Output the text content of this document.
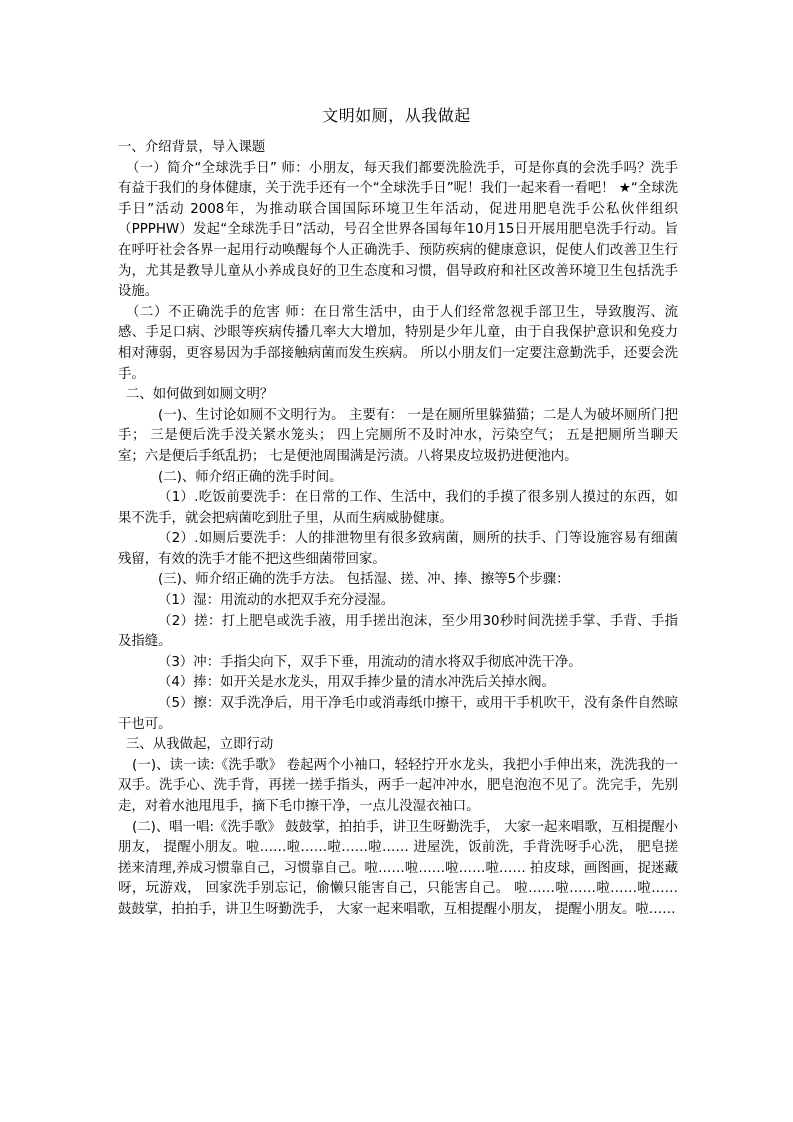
文明如厕，从我做起

一、介绍背景，导入课题

（一）简介“全球洗手日” 师：小朋友，每天我们都要洗脸洗手，可是你真的会洗手吗？洗手有益于我们的身体健康，关于洗手还有一个“全球洗手日”呢！我们一起来看一看吧！ ★“全球洗手日”活动 2008年，为推动联合国国际环境卫生年活动，促进用肥皂洗手公私伙伴组织（PPPHW）发起“全球洗手日”活动，号召全世界各国每年10月15日开展用肥皂洗手行动。旨在呼吁社会各界一起用行动唤醒每个人正确洗手、预防疾病的健康意识，促使人们改善卫生行为，尤其是教导儿童从小养成良好的卫生态度和习惯，倡导政府和社区改善环境卫生包括洗手设施。

（二）不正确洗手的危害 师：在日常生活中，由于人们经常忽视手部卫生，导致腹泻、流感、手足口病、沙眼等疾病传播几率大大增加，特别是少年儿童，由于自我保护意识和免疫力相对薄弱，更容易因为手部接触病菌而发生疾病。 所以小朋友们一定要注意勤洗手，还要会洗手。

二、如何做到如厕文明？

(一)、生讨论如厕不文明行为。 主要有： 一是在厕所里躲猫猫；二是人为破坏厕所门把手； 三是便后洗手没关紧水笼头； 四上完厕所不及时冲水，污染空气； 五是把厕所当聊天室；六是便后手纸乱扔； 七是便池周围满是污渍。八将果皮垃圾扔进便池内。

(二)、师介绍正确的洗手时间。

（1）.吃饭前要洗手：在日常的工作、生活中，我们的手摸了很多别人摸过的东西，如果不洗手，就会把病菌吃到肚子里，从而生病威胁健康。

（2）.如厕后要洗手：人的排泄物里有很多致病菌，厕所的扶手、门等设施容易有细菌残留，有效的洗手才能不把这些细菌带回家。

(三)、师介绍正确的洗手方法。 包括湿、搓、冲、捧、擦等5个步骤：

（1）湿：用流动的水把双手充分浸湿。

（2）搓：打上肥皂或洗手液，用手搓出泡沫，至少用30秒时间洗搓手掌、手背、手指及指缝。

（3）冲：手指尖向下，双手下垂，用流动的清水将双手彻底冲洗干净。

（4）捧：如开关是水龙头，用双手捧少量的清水冲洗后关掉水阀。

（5）擦：双手洗净后，用干净毛巾或消毒纸巾擦干，或用干手机吹干，没有条件自然晾干也可。

三、从我做起，立即行动

(一)、读一读:《洗手歌》 卷起两个小袖口，轻轻拧开水龙头，我把小手伸出来，洗洗我的一双手。洗手心、洗手背，再搓一搓手指头，两手一起冲冲水，肥皂泡泡不见了。洗完手，先别走，对着水池甩甩手，摘下毛巾擦干净，一点儿没湿衣袖口。

(二)、唱一唱:《洗手歌》 鼓鼓掌，拍拍手，讲卫生呀勤洗手， 大家一起来唱歌，互相提醒小朋友， 提醒小朋友。啦……啦……啦……啦…… 进屋洗，饭前洗，手背洗呀手心洗， 肥皂搓搓来清理,养成习惯靠自己，习惯靠自己。啦……啦……啦……啦…… 拍皮球，画图画，捉迷藏呀，玩游戏， 回家洗手别忘记，偷懒只能害自己，只能害自己。 啦……啦……啦……啦…… 鼓鼓掌，拍拍手，讲卫生呀勤洗手， 大家一起来唱歌，互相提醒小朋友， 提醒小朋友。啦……
